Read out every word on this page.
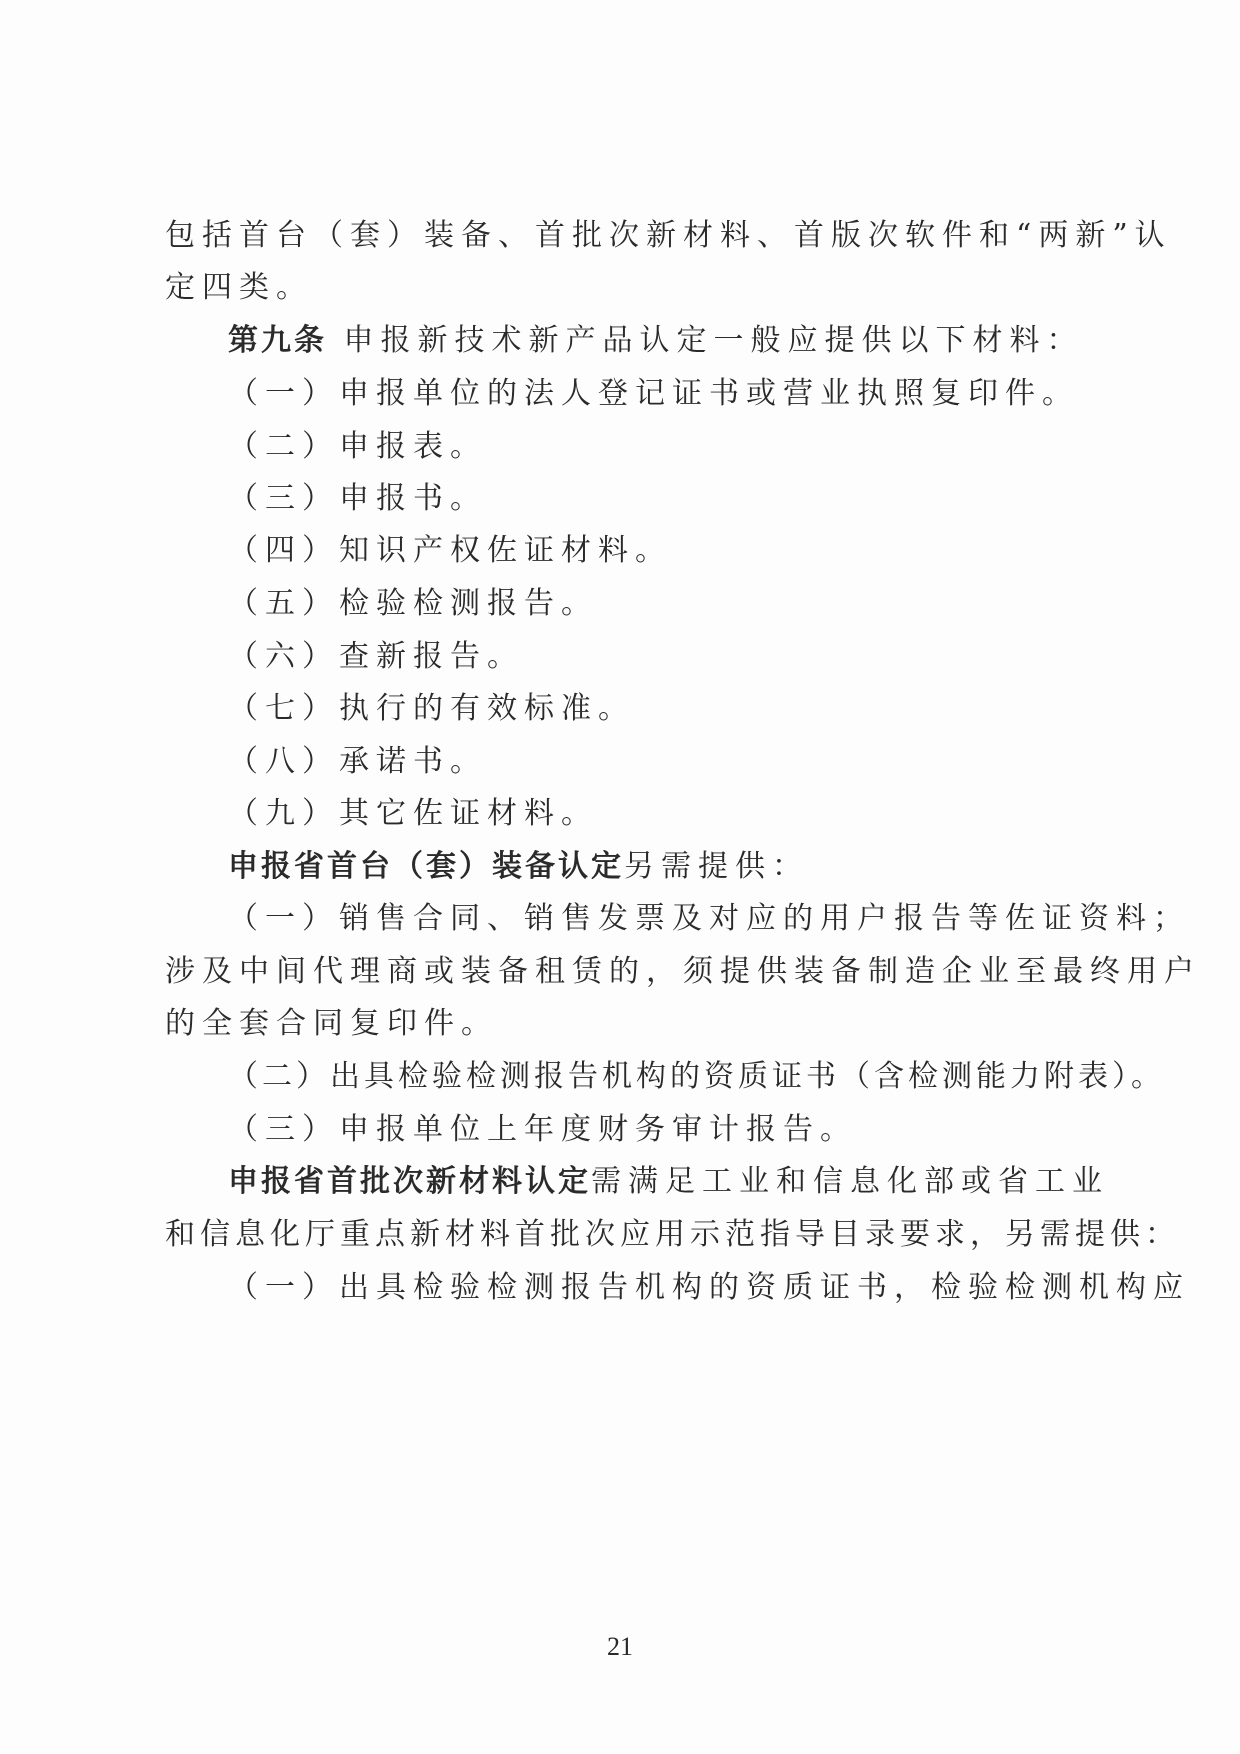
包括首台（套）装备、首批次新材料、首版次软件和“两新”认
定四类。
第九条 申报新技术新产品认定一般应提供以下材料：
（一）申报单位的法人登记证书或营业执照复印件。
（二）申报表。
（三）申报书。
（四）知识产权佐证材料。
（五）检验检测报告。
（六）查新报告。
（七）执行的有效标准。
（八）承诺书。
（九）其它佐证材料。
申报省首台（套）装备认定另需提供：
（一）销售合同、销售发票及对应的用户报告等佐证资料；
涉及中间代理商或装备租赁的，须提供装备制造企业至最终用户
的全套合同复印件。
（二）出具检验检测报告机构的资质证书（含检测能力附表）。
（三）申报单位上年度财务审计报告。
申报省首批次新材料认定需满足工业和信息化部或省工业
和信息化厅重点新材料首批次应用示范指导目录要求，另需提供：
（一）出具检验检测报告机构的资质证书，检验检测机构应
21
